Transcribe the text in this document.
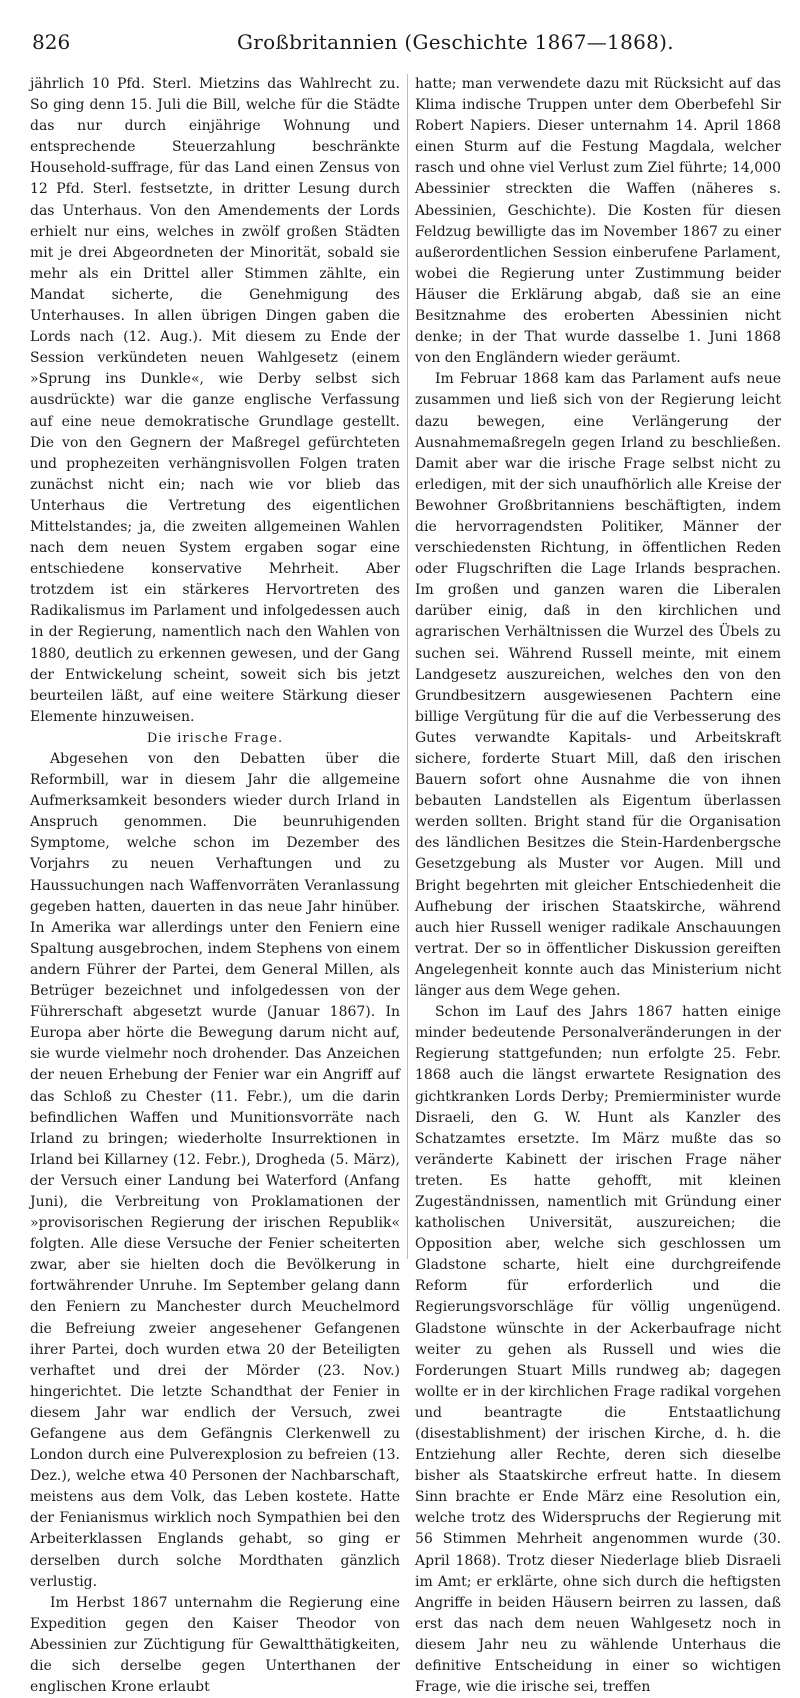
826	Großbritannien (Geschichte 1867—1868).

jährlich 10 Pfd. Sterl. Mietzins das Wahlrecht zu. So ging denn 15. Juli die Bill, welche für die Städte das nur durch einjährige Wohnung und entsprechende Steuerzahlung beschränkte Household-suffrage, für das Land einen Zensus von 12 Pfd. Sterl. festsetzte, in dritter Lesung durch das Unterhaus. Von den Amendements der Lords erhielt nur eins, welches in zwölf großen Städten mit je drei Abgeordneten der Minorität, sobald sie mehr als ein Drittel aller Stimmen zählte, ein Mandat sicherte, die Genehmigung des Unterhauses. In allen übrigen Dingen gaben die Lords nach (12. Aug.). Mit diesem zu Ende der Session verkündeten neuen Wahlgesetz (einem »Sprung ins Dunkle«, wie Derby selbst sich ausdrückte) war die ganze englische Verfassung auf eine neue demokratische Grundlage gestellt. Die von den Gegnern der Maßregel gefürchteten und prophezeiten verhängnisvollen Folgen traten zunächst nicht ein; nach wie vor blieb das Unterhaus die Vertretung des eigentlichen Mittelstandes; ja, die zweiten allgemeinen Wahlen nach dem neuen System ergaben sogar eine entschiedene konservative Mehrheit. Aber trotzdem ist ein stärkeres Hervortreten des Radikalismus im Parlament und infolgedessen auch in der Regierung, namentlich nach den Wahlen von 1880, deutlich zu erkennen gewesen, und der Gang der Entwickelung scheint, soweit sich bis jetzt beurteilen läßt, auf eine weitere Stärkung dieser Elemente hinzuweisen.

Die irische Frage.

Abgesehen von den Debatten über die Reformbill, war in diesem Jahr die allgemeine Aufmerksamkeit besonders wieder durch Irland in Anspruch genommen. Die beunruhigenden Symptome, welche schon im Dezember des Vorjahrs zu neuen Verhaftungen und zu Haussuchungen nach Waffenvorräten Veranlassung gegeben hatten, dauerten in das neue Jahr hinüber. In Amerika war allerdings unter den Feniern eine Spaltung ausgebrochen, indem Stephens von einem andern Führer der Partei, dem General Millen, als Betrüger bezeichnet und infolgedessen von der Führerschaft abgesetzt wurde (Januar 1867). In Europa aber hörte die Bewegung darum nicht auf, sie wurde vielmehr noch drohender. Das Anzeichen der neuen Erhebung der Fenier war ein Angriff auf das Schloß zu Chester (11. Febr.), um die darin befindlichen Waffen und Munitionsvorräte nach Irland zu bringen; wiederholte Insurrektionen in Irland bei Killarney (12. Febr.), Drogheda (5. März), der Versuch einer Landung bei Waterford (Anfang Juni), die Verbreitung von Proklamationen der »provisorischen Regierung der irischen Republik« folgten. Alle diese Versuche der Fenier scheiterten zwar, aber sie hielten doch die Bevölkerung in fortwährender Unruhe. Im September gelang dann den Feniern zu Manchester durch Meuchelmord die Befreiung zweier angesehener Gefangenen ihrer Partei, doch wurden etwa 20 der Beteiligten verhaftet und drei der Mörder (23. Nov.) hingerichtet. Die letzte Schandthat der Fenier in diesem Jahr war endlich der Versuch, zwei Gefangene aus dem Gefängnis Clerkenwell zu London durch eine Pulverexplosion zu befreien (13. Dez.), welche etwa 40 Personen der Nachbarschaft, meistens aus dem Volk, das Leben kostete. Hatte der Fenianismus wirklich noch Sympathien bei den Arbeiterklassen Englands gehabt, so ging er derselben durch solche Mordthaten gänzlich verlustig.

Im Herbst 1867 unternahm die Regierung eine Expedition gegen den Kaiser Theodor von Abessinien zur Züchtigung für Gewaltthätigkeiten, die sich derselbe gegen Unterthanen der englischen Krone erlaubt

hatte; man verwendete dazu mit Rücksicht auf das Klima indische Truppen unter dem Oberbefehl Sir Robert Napiers. Dieser unternahm 14. April 1868 einen Sturm auf die Festung Magdala, welcher rasch und ohne viel Verlust zum Ziel führte; 14,000 Abessinier streckten die Waffen (näheres s. Abessinien, Geschichte). Die Kosten für diesen Feldzug bewilligte das im November 1867 zu einer außerordentlichen Session einberufene Parlament, wobei die Regierung unter Zustimmung beider Häuser die Erklärung abgab, daß sie an eine Besitznahme des eroberten Abessinien nicht denke; in der That wurde dasselbe 1. Juni 1868 von den Engländern wieder geräumt.

Im Februar 1868 kam das Parlament aufs neue zusammen und ließ sich von der Regierung leicht dazu bewegen, eine Verlängerung der Ausnahmemaßregeln gegen Irland zu beschließen. Damit aber war die irische Frage selbst nicht zu erledigen, mit der sich unaufhörlich alle Kreise der Bewohner Großbritanniens beschäftigten, indem die hervorragendsten Politiker, Männer der verschiedensten Richtung, in öffentlichen Reden oder Flugschriften die Lage Irlands besprachen. Im großen und ganzen waren die Liberalen darüber einig, daß in den kirchlichen und agrarischen Verhältnissen die Wurzel des Übels zu suchen sei. Während Russell meinte, mit einem Landgesetz auszureichen, welches den von den Grundbesitzern ausgewiesenen Pachtern eine billige Vergütung für die auf die Verbesserung des Gutes verwandte Kapitals- und Arbeitskraft sichere, forderte Stuart Mill, daß den irischen Bauern sofort ohne Ausnahme die von ihnen bebauten Landstellen als Eigentum überlassen werden sollten. Bright stand für die Organisation des ländlichen Besitzes die Stein-Hardenbergsche Gesetzgebung als Muster vor Augen. Mill und Bright begehrten mit gleicher Entschiedenheit die Aufhebung der irischen Staatskirche, während auch hier Russell weniger radikale Anschauungen vertrat. Der so in öffentlicher Diskussion gereiften Angelegenheit konnte auch das Ministerium nicht länger aus dem Wege gehen.

Schon im Lauf des Jahrs 1867 hatten einige minder bedeutende Personalveränderungen in der Regierung stattgefunden; nun erfolgte 25. Febr. 1868 auch die längst erwartete Resignation des gichtkranken Lords Derby; Premierminister wurde Disraeli, den G. W. Hunt als Kanzler des Schatzamtes ersetzte. Im März mußte das so veränderte Kabinett der irischen Frage näher treten. Es hatte gehofft, mit kleinen Zugeständnissen, namentlich mit Gründung einer katholischen Universität, auszureichen; die Opposition aber, welche sich geschlossen um Gladstone scharte, hielt eine durchgreifende Reform für erforderlich und die Regierungsvorschläge für völlig ungenügend. Gladstone wünschte in der Ackerbaufrage nicht weiter zu gehen als Russell und wies die Forderungen Stuart Mills rundweg ab; dagegen wollte er in der kirchlichen Frage radikal vorgehen und beantragte die Entstaatlichung (disestablishment) der irischen Kirche, d. h. die Entziehung aller Rechte, deren sich dieselbe bisher als Staatskirche erfreut hatte. In diesem Sinn brachte er Ende März eine Resolution ein, welche trotz des Widerspruchs der Regierung mit 56 Stimmen Mehrheit angenommen wurde (30. April 1868). Trotz dieser Niederlage blieb Disraeli im Amt; er erklärte, ohne sich durch die heftigsten Angriffe in beiden Häusern beirren zu lassen, daß erst das nach dem neuen Wahlgesetz noch in diesem Jahr neu zu wählende Unterhaus die definitive Entscheidung in einer so wichtigen Frage, wie die irische sei, treffen
